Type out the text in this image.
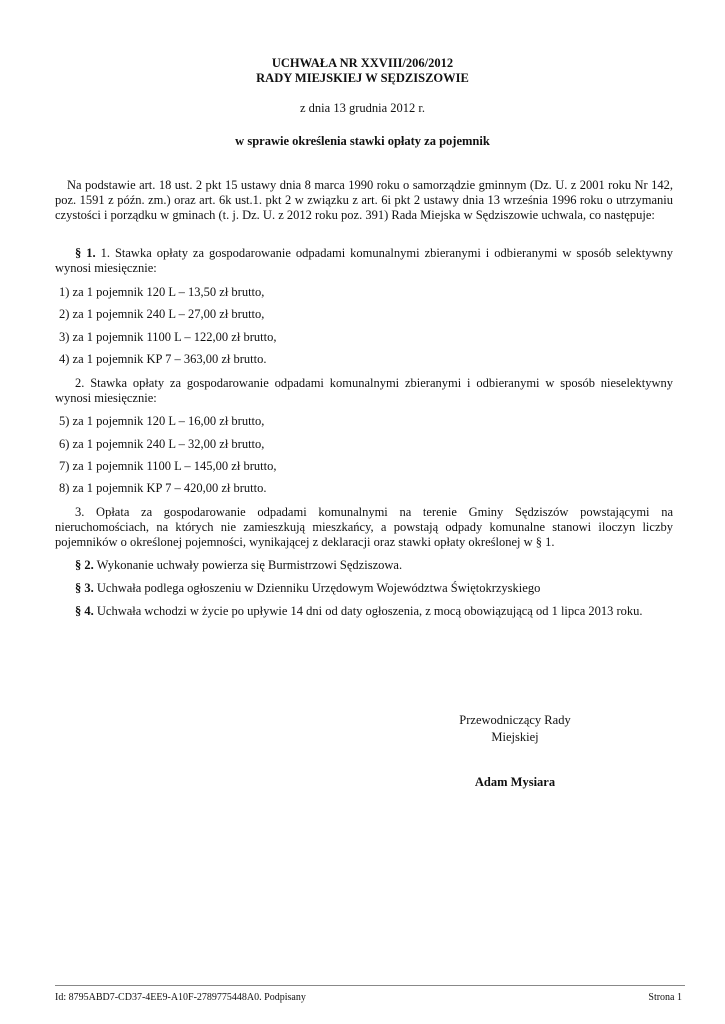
UCHWAŁA NR XXVIII/206/2012
RADY MIEJSKIEJ W SĘDZISZOWIE
z dnia 13 grudnia 2012 r.
w sprawie określenia stawki opłaty za pojemnik
Na podstawie art. 18 ust. 2 pkt 15 ustawy dnia 8 marca 1990 roku o samorządzie gminnym (Dz. U. z 2001 roku Nr 142, poz. 1591 z późn. zm.) oraz art. 6k ust.1. pkt 2 w związku z art. 6i pkt 2 ustawy dnia 13 września 1996 roku o utrzymaniu czystości i porządku w gminach (t. j. Dz. U. z 2012 roku poz. 391) Rada Miejska w Sędziszowie uchwala, co następuje:
§ 1. 1. Stawka opłaty za gospodarowanie odpadami komunalnymi zbieranymi i odbieranymi w sposób selektywny wynosi miesięcznie:
1) za 1 pojemnik 120 L – 13,50 zł brutto,
2) za 1 pojemnik 240 L – 27,00 zł brutto,
3) za 1 pojemnik 1100 L – 122,00 zł brutto,
4) za 1 pojemnik KP 7 – 363,00 zł brutto.
2. Stawka opłaty za gospodarowanie odpadami komunalnymi zbieranymi i odbieranymi w sposób nieselektywny wynosi miesięcznie:
5) za 1 pojemnik 120 L – 16,00 zł brutto,
6) za 1 pojemnik 240 L – 32,00 zł brutto,
7) za 1 pojemnik 1100 L – 145,00 zł brutto,
8) za 1 pojemnik KP 7 – 420,00 zł brutto.
3. Opłata za gospodarowanie odpadami komunalnymi na terenie Gminy Sędziszów powstającymi na nieruchomościach, na których nie zamieszkują mieszkańcy, a powstają odpady komunalne stanowi iloczyn liczby pojemników o określonej pojemności, wynikającej z deklaracji oraz stawki opłaty określonej w § 1.
§ 2. Wykonanie uchwały powierza się Burmistrzowi Sędziszowa.
§ 3. Uchwała podlega ogłoszeniu w Dzienniku Urzędowym Województwa Świętokrzyskiego
§ 4. Uchwała wchodzi w życie po upływie 14 dni od daty ogłoszenia, z mocą obowiązującą od 1 lipca 2013 roku.
Przewodniczący Rady
Miejskiej
Adam Mysiara
Id: 8795ABD7-CD37-4EE9-A10F-2789775448A0. Podpisany	Strona 1
